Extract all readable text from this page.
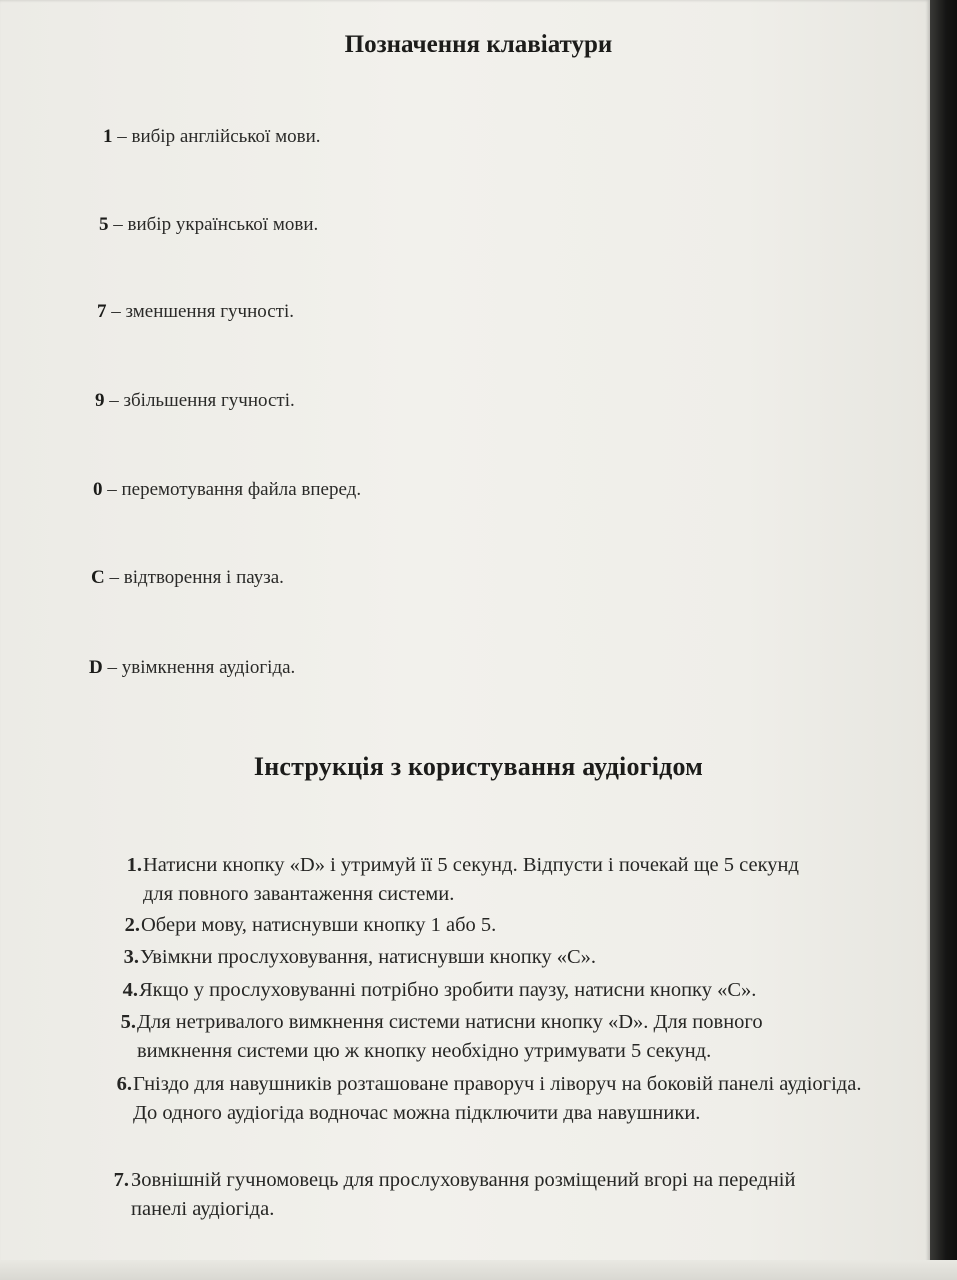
Позначення клавіатури
1 – вибір англійської мови.
5 – вибір української мови.
7 – зменшення гучності.
9 – збільшення гучності.
0 – перемотування файла вперед.
C – відтворення і пауза.
D – увімкнення аудіогіда.
Інструкція з користування аудіогідом
1. Натисни кнопку «D» і утримуй її 5 секунд. Відпусти і почекай ще 5 секунд для повного завантаження системи.
2. Обери мову, натиснувши кнопку 1 або 5.
3. Увімкни прослуховування, натиснувши кнопку «С».
4. Якщо у прослуховуванні потрібно зробити паузу, натисни кнопку «С».
5. Для нетривалого вимкнення системи натисни кнопку «D». Для повного вимкнення системи цю ж кнопку необхідно утримувати 5 секунд.
6. Гніздо для навушників розташоване праворуч і ліворуч на боковій панелі аудіогіда. До одного аудіогіда водночас можна підключити два навушники.
7. Зовнішній гучномовець для прослуховування розміщений вгорі на передній панелі аудіогіда.
